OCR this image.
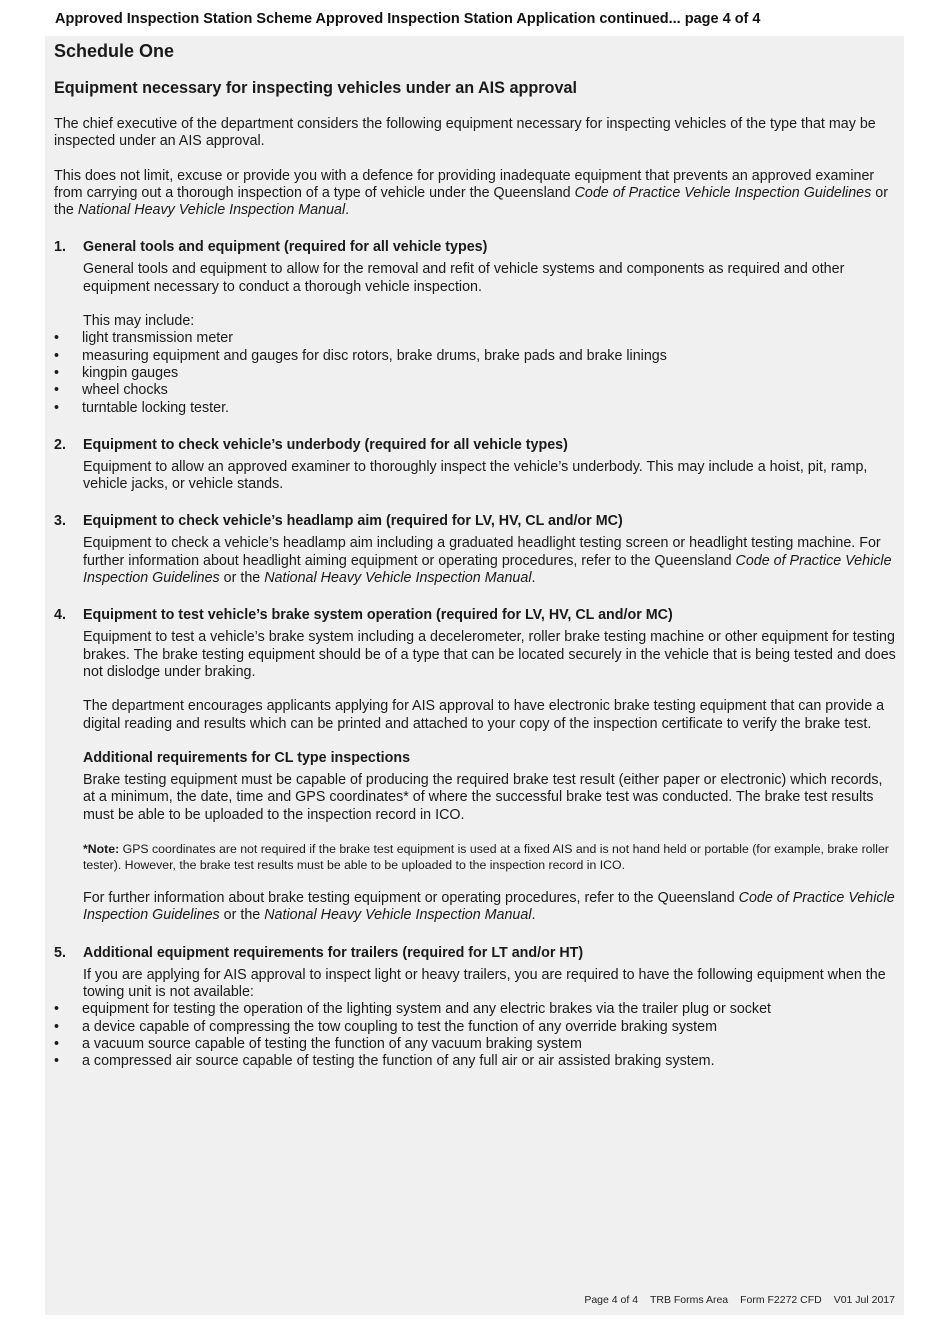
Approved Inspection Station Scheme Approved Inspection Station Application continued... page 4 of 4
Schedule One
Equipment necessary for inspecting vehicles under an AIS approval

The chief executive of the department considers the following equipment necessary for inspecting vehicles of the type that may be inspected under an AIS approval.

This does not limit, excuse or provide you with a defence for providing inadequate equipment that prevents an approved examiner from carrying out a thorough inspection of a type of vehicle under the Queensland Code of Practice Vehicle Inspection Guidelines or the National Heavy Vehicle Inspection Manual.

1.	General tools and equipment (required for all vehicle types)

General tools and equipment to allow for the removal and refit of vehicle systems and components as required and other equipment necessary to conduct a thorough vehicle inspection.

This may include:

•	light transmission meter
•	measuring equipment and gauges for disc rotors, brake drums, brake pads and brake linings
•	kingpin gauges
•	wheel chocks
•	turntable locking tester.
2.	Equipment to check vehicle’s underbody (required for all vehicle types)

Equipment to allow an approved examiner to thoroughly inspect the vehicle’s underbody. This may include a hoist, pit, ramp, vehicle jacks, or vehicle stands.

3.	Equipment to check vehicle’s headlamp aim (required for LV, HV, CL and/or MC)

Equipment to check a vehicle’s headlamp aim including a graduated headlight testing screen or headlight testing machine. For further information about headlight aiming equipment or operating procedures, refer to the Queensland Code of Practice Vehicle Inspection Guidelines or the National Heavy Vehicle Inspection Manual.

4.	Equipment to test vehicle’s brake system operation (required for LV, HV, CL and/or MC)

Equipment to test a vehicle’s brake system including a decelerometer, roller brake testing machine or other equipment for testing brakes. The brake testing equipment should be of a type that can be located securely in the vehicle that is being tested and does not dislodge under braking.

The department encourages applicants applying for AIS approval to have electronic brake testing equipment that can provide a digital reading and results which can be printed and attached to your copy of the inspection certificate to verify the brake test.

Additional requirements for CL type inspections

Brake testing equipment must be capable of producing the required brake test result (either paper or electronic) which records, at a minimum, the date, time and GPS coordinates* of where the successful brake test was conducted. The brake test results must be able to be uploaded to the inspection record in ICO.

*Note: GPS coordinates are not required if the brake test equipment is used at a fixed AIS and is not hand held or portable (for example, brake roller tester). However, the brake test results must be able to be uploaded to the inspection record in ICO.

For further information about brake testing equipment or operating procedures, refer to the Queensland Code of Practice Vehicle Inspection Guidelines or the National Heavy Vehicle Inspection Manual.

5.	Additional equipment requirements for trailers (required for LT and/or HT)

If you are applying for AIS approval to inspect light or heavy trailers, you are required to have the following equipment when the towing unit is not available:

•	equipment for testing the operation of the lighting system and any electric brakes via the trailer plug or socket
•	a device capable of compressing the tow coupling to test the function of any override braking system
•	a vacuum source capable of testing the function of any vacuum braking system
•	a compressed air source capable of testing the function of any full air or air assisted braking system.
Page 4 of 4 TRB Forms Area Form F2272 CFD V01 Jul 2017
